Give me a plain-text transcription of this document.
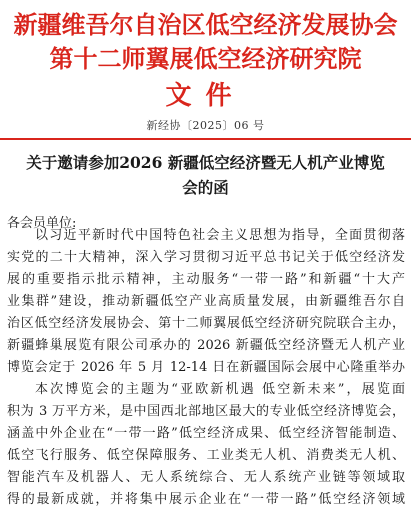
新疆维吾尔自治区低空经济发展协会
第十二师翼展低空经济研究院
文件
新经协〔2025〕06 号
关于邀请参加2026 新疆低空经济暨无人机产业博览
会的函
各会员单位:
以习近平新时代中国特色社会主义思想为指导，全面贯彻落
实党的二十大精神，深入学习贯彻习近平总书记关于低空经济发
展的重要指示批示精神，主动服务“一带一路”和新疆“十大产
业集群”建设，推动新疆低空产业高质量发展，由新疆维吾尔自
治区低空经济发展协会、第十二师翼展低空经济研究院联合主办，
新疆蜂巢展览有限公司承办的 2026 新疆低空经济暨无人机产业
博览会定于 2026 年 5 月 12-14 日在新疆国际会展中心隆重举办
本次博览会的主题为“亚欧新机遇 低空新未来”，展览面
积为 3 万平方米，是中国西北部地区最大的专业低空经济博览会，
涵盖中外企业在“一带一路”低空经济成果、低空经济智能制造、
低空飞行服务、低空保障服务、工业类无人机、消费类无人机、
智能汽车及机器人、无人系统综合、无人系统产业链等领域取
得的最新成就，并将集中展示企业在“一带一路”低空经济领域
